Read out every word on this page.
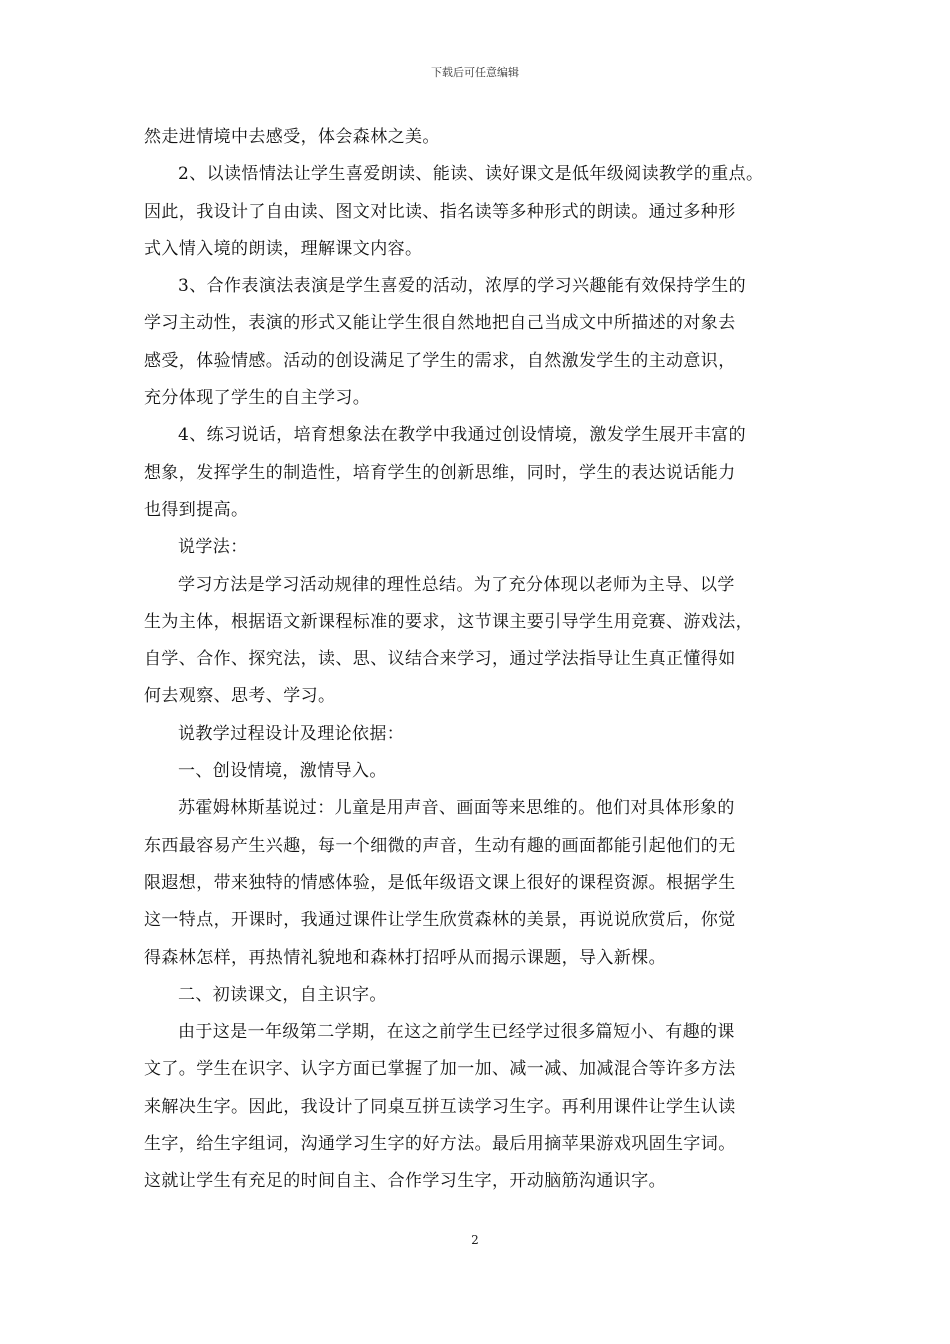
下载后可任意编辑
然走进情境中去感受，体会森林之美。
2、以读悟情法让学生喜爱朗读、能读、读好课文是低年级阅读教学的重点。
因此，我设计了自由读、图文对比读、指名读等多种形式的朗读。通过多种形
式入情入境的朗读，理解课文内容。
3、合作表演法表演是学生喜爱的活动，浓厚的学习兴趣能有效保持学生的
学习主动性，表演的形式又能让学生很自然地把自己当成文中所描述的对象去
感受，体验情感。活动的创设满足了学生的需求，自然激发学生的主动意识，
充分体现了学生的自主学习。
4、练习说话，培育想象法在教学中我通过创设情境，激发学生展开丰富的
想象，发挥学生的制造性，培育学生的创新思维，同时，学生的表达说话能力
也得到提高。
说学法：
学习方法是学习活动规律的理性总结。为了充分体现以老师为主导、以学
生为主体，根据语文新课程标准的要求，这节课主要引导学生用竞赛、游戏法，
自学、合作、探究法，读、思、议结合来学习，通过学法指导让生真正懂得如
何去观察、思考、学习。
说教学过程设计及理论依据：
一、创设情境，激情导入。
苏霍姆林斯基说过：儿童是用声音、画面等来思维的。他们对具体形象的
东西最容易产生兴趣，每一个细微的声音，生动有趣的画面都能引起他们的无
限遐想，带来独特的情感体验，是低年级语文课上很好的课程资源。根据学生
这一特点，开课时，我通过课件让学生欣赏森林的美景，再说说欣赏后，你觉
得森林怎样，再热情礼貌地和森林打招呼从而揭示课题，导入新棵。
二、初读课文，自主识字。
由于这是一年级第二学期，在这之前学生已经学过很多篇短小、有趣的课
文了。学生在识字、认字方面已掌握了加一加、减一减、加减混合等许多方法
来解决生字。因此，我设计了同桌互拼互读学习生字。再利用课件让学生认读
生字，给生字组词，沟通学习生字的好方法。最后用摘苹果游戏巩固生字词。
这就让学生有充足的时间自主、合作学习生字，开动脑筋沟通识字。
2
